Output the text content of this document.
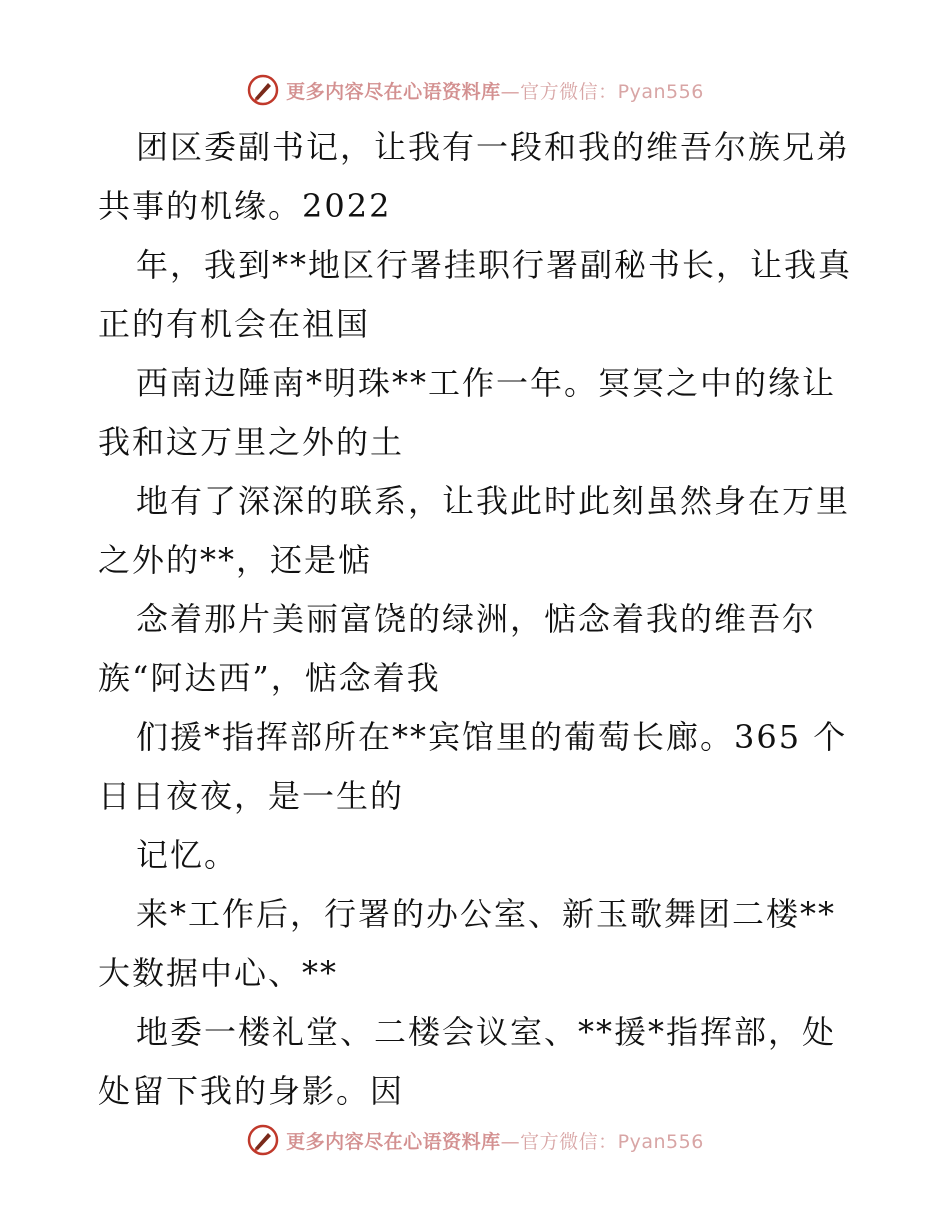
更多内容尽在心语资料库—官方微信：Pyan556
团区委副书记，让我有一段和我的维吾尔族兄弟
共事的机缘。2022
年，我到**地区行署挂职行署副秘书长，让我真
正的有机会在祖国
西南边陲南*明珠**工作一年。冥冥之中的缘让
我和这万里之外的土
地有了深深的联系，让我此时此刻虽然身在万里
之外的**，还是惦
念着那片美丽富饶的绿洲，惦念着我的维吾尔
族“阿达西”，惦念着我
们援*指挥部所在**宾馆里的葡萄长廊。365 个
日日夜夜，是一生的
记忆。
来*工作后，行署的办公室、新玉歌舞团二楼**
大数据中心、**
地委一楼礼堂、二楼会议室、**援*指挥部，处
处留下我的身影。因
更多内容尽在心语资料库—官方微信：Pyan556
